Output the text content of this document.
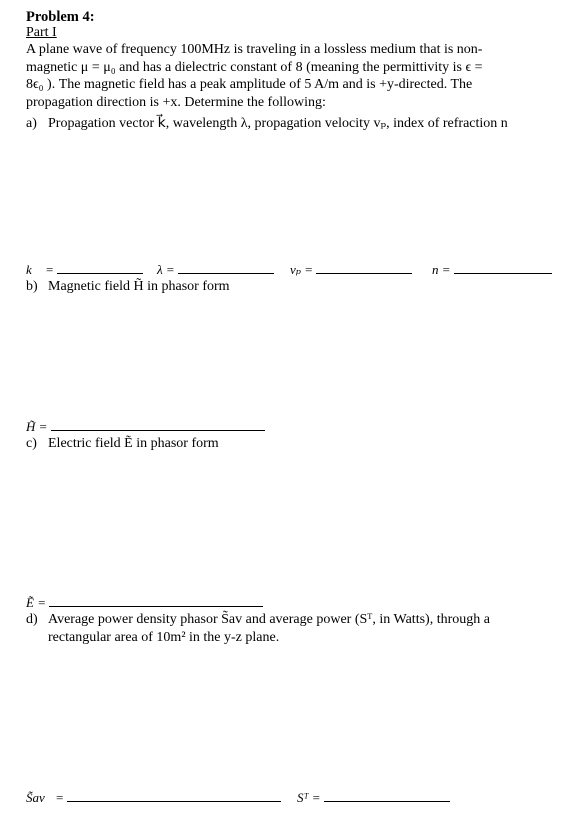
Problem 4:
Part I
A plane wave of frequency 100MHz is traveling in a lossless medium that is non-
magnetic μ = μ₀ and has a dielectric constant of 8 (meaning the permittivity is ϵ =
8ϵ₀ ). The magnetic field has a peak amplitude of 5 A/m and is +y-directed. The
propagation direction is +x. Determine the following:
a) Propagation vector k⃗, wavelength λ, propagation velocity vₚ, index of refraction n
k⃗ =	λ =	vₚ =	n =
b) Magnetic field H̃ in phasor form
H̃ =
c) Electric field Ẽ in phasor form
Ẽ =
d) Average power density phasor S̃av and average power (Sᵀ, in Watts), through a
rectangular area of 10m² in the y-z plane.
S̃av =	Sᵀ =
